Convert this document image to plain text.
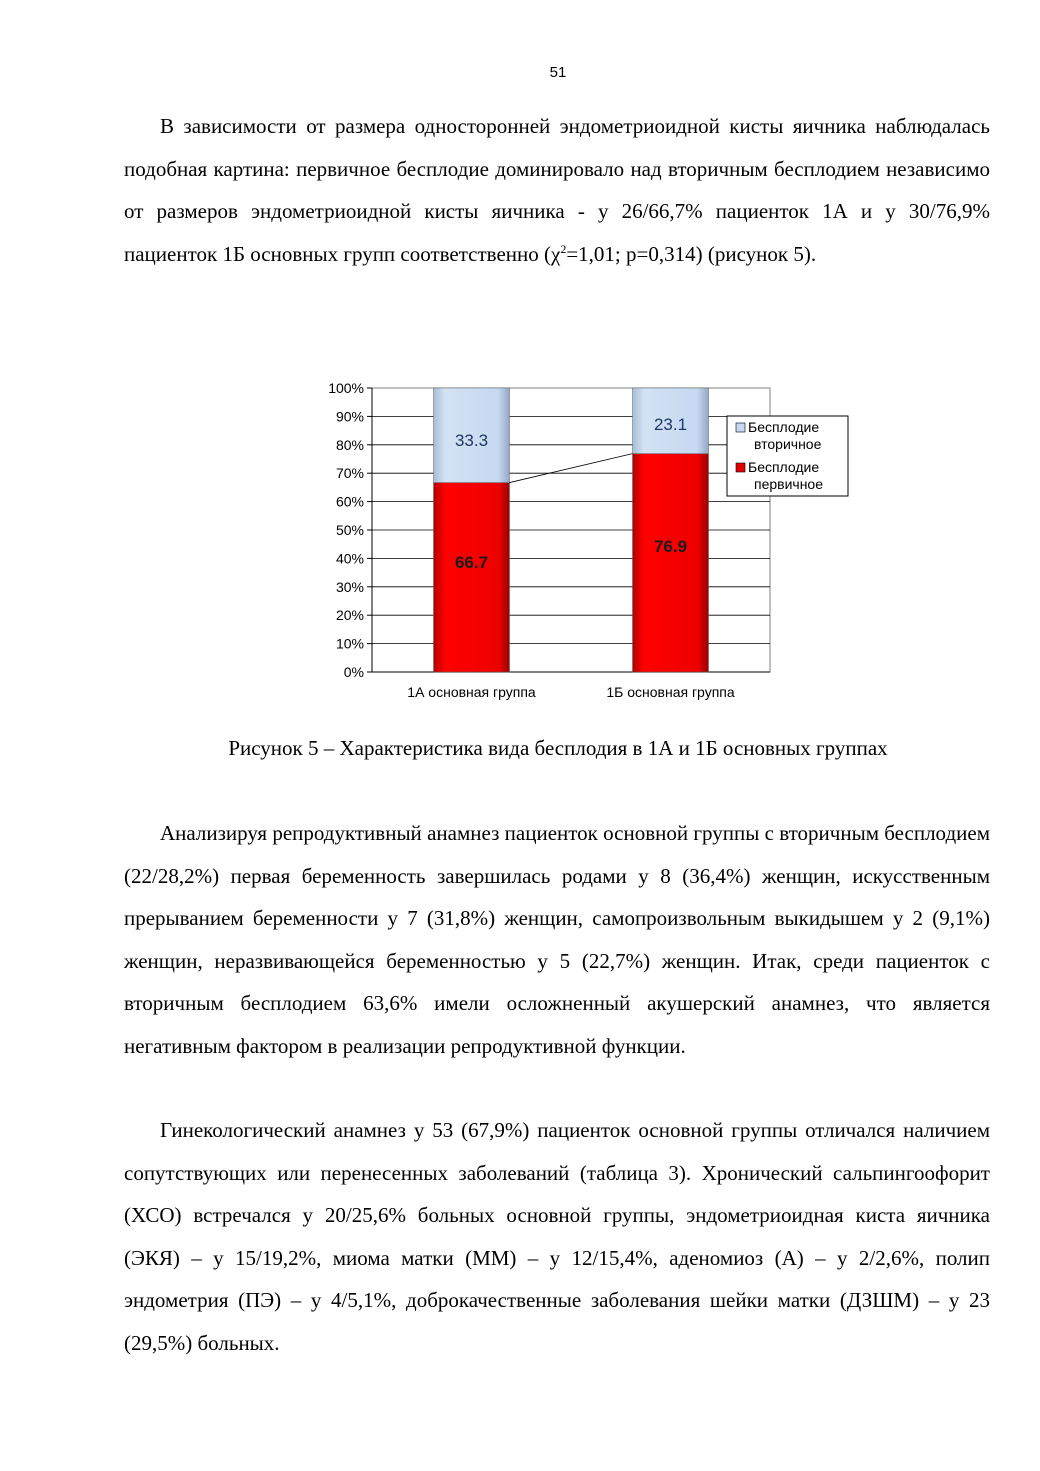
51

В зависимости от размера односторонней эндометриоидной кисты яичника наблюдалась подобная картина: первичное бесплодие доминировало над вторичным бесплодием независимо от размеров эндометриоидной кисты яичника - у 26/66,7% пациенток 1А и у 30/76,9% пациенток 1Б основных групп соответственно ($\chi^2=1,01$; р=0,314) (рисунок 5).

0%
10%
20%
30%
40%
50%
60%
70%
80%
90%
100%
66.7
33.3
76.9
23.1
1А основная группа	1Б основная группа
Бесплодие
вторичное
Бесплодие
первичное
Рисунок 5 – Характеристика вида бесплодия в 1А и 1Б основных группах

Анализируя репродуктивный анамнез пациенток основной группы с вторичным бесплодием (22/28,2%) первая беременность завершилась родами у 8 (36,4%) женщин, искусственным прерыванием беременности у 7 (31,8%) женщин, самопроизвольным выкидышем у 2 (9,1%) женщин, неразвивающейся беременностью у 5 (22,7%) женщин. Итак, среди пациенток с вторичным бесплодием 63,6% имели осложненный акушерский анамнез, что является негативным фактором в реализации репродуктивной функции.

Гинекологический анамнез у 53 (67,9%) пациенток основной группы отличался наличием сопутствующих или перенесенных заболеваний (таблица 3). Хронический сальпингоофорит (ХСО) встречался у 20/25,6% больных основной группы, эндометриоидная киста яичника (ЭКЯ) – у 15/19,2%, миома матки (ММ) – у 12/15,4%, аденомиоз (А) – у 2/2,6%, полип эндометрия (ПЭ) – у 4/5,1%, доброкачественные заболевания шейки матки (ДЗШМ) – у 23 (29,5%) больных.
